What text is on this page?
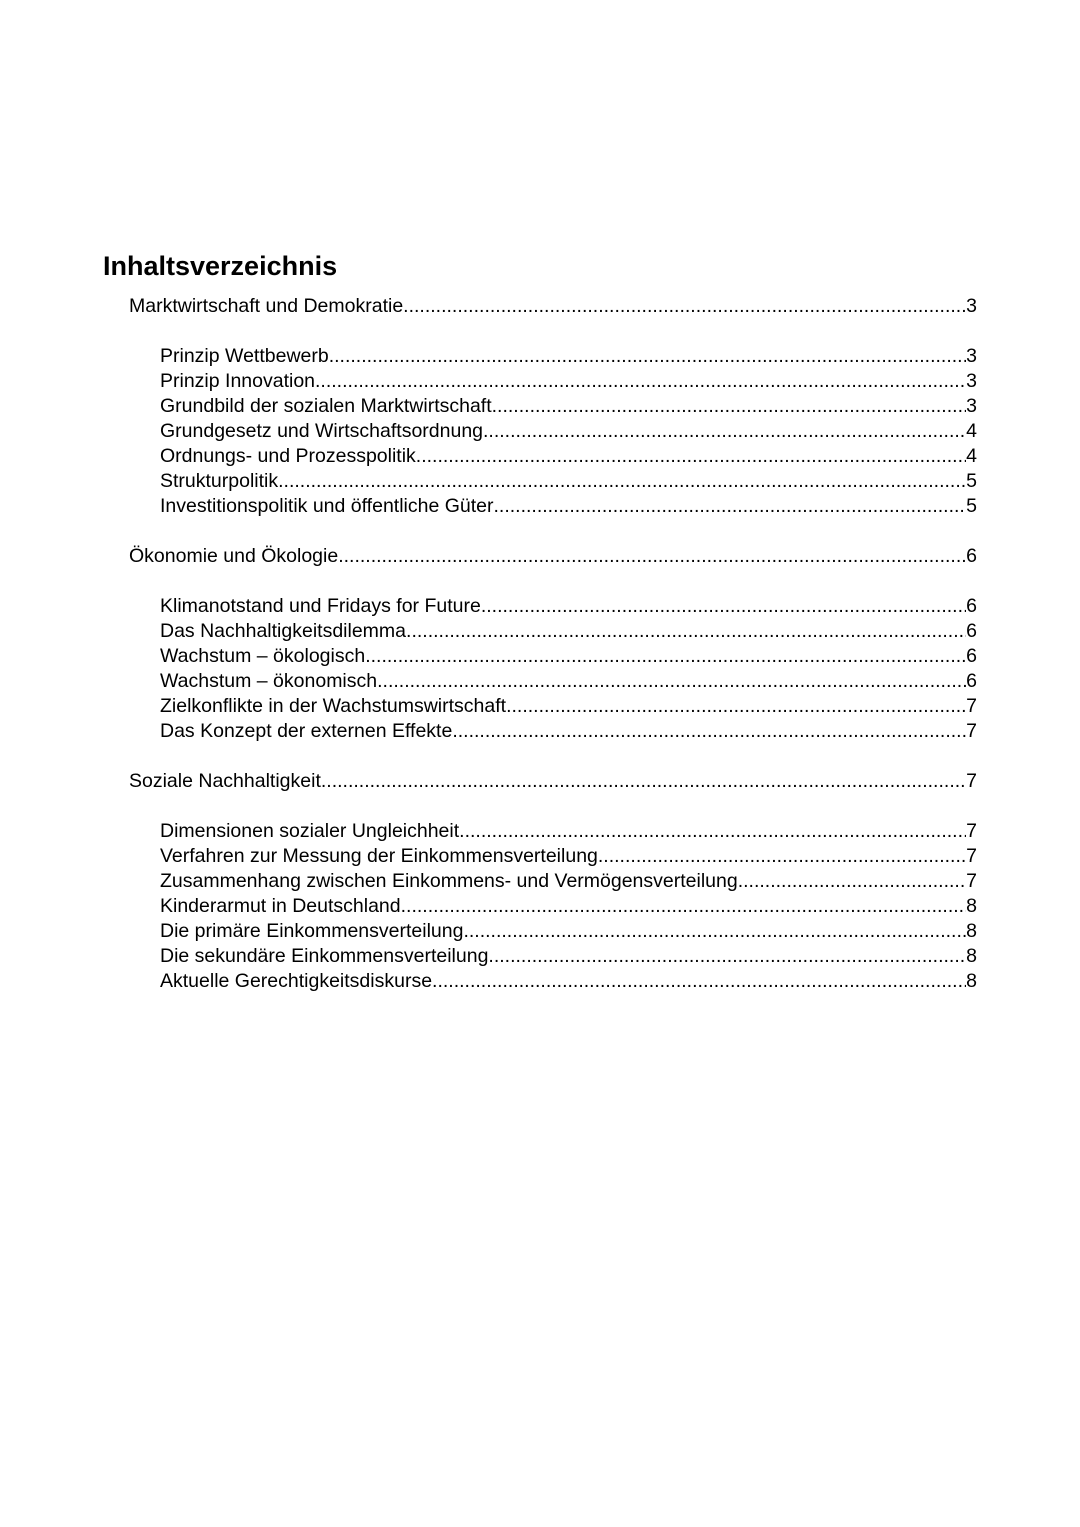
Inhaltsverzeichnis
Marktwirtschaft und Demokratie .....	3
Prinzip Wettbewerb .....	3
Prinzip Innovation .....	3
Grundbild der sozialen Marktwirtschaft .....	3
Grundgesetz und Wirtschaftsordnung .....	4
Ordnungs- und Prozesspolitik .....	4
Strukturpolitik .....	5
Investitionspolitik und öffentliche Güter .....	5
Ökonomie und Ökologie .....	6
Klimanotstand und Fridays for Future .....	6
Das Nachhaltigkeitsdilemma .....	6
Wachstum – ökologisch .....	6
Wachstum – ökonomisch .....	6
Zielkonflikte in der Wachstumswirtschaft .....	7
Das Konzept der externen Effekte .....	7
Soziale Nachhaltigkeit .....	7
Dimensionen sozialer Ungleichheit .....	7
Verfahren zur Messung der Einkommensverteilung .....	7
Zusammenhang zwischen Einkommens- und Vermögensverteilung .....	7
Kinderarmut in Deutschland .....	8
Die primäre Einkommensverteilung .....	8
Die sekundäre Einkommensverteilung .....	8
Aktuelle Gerechtigkeitsdiskurse .....	8
